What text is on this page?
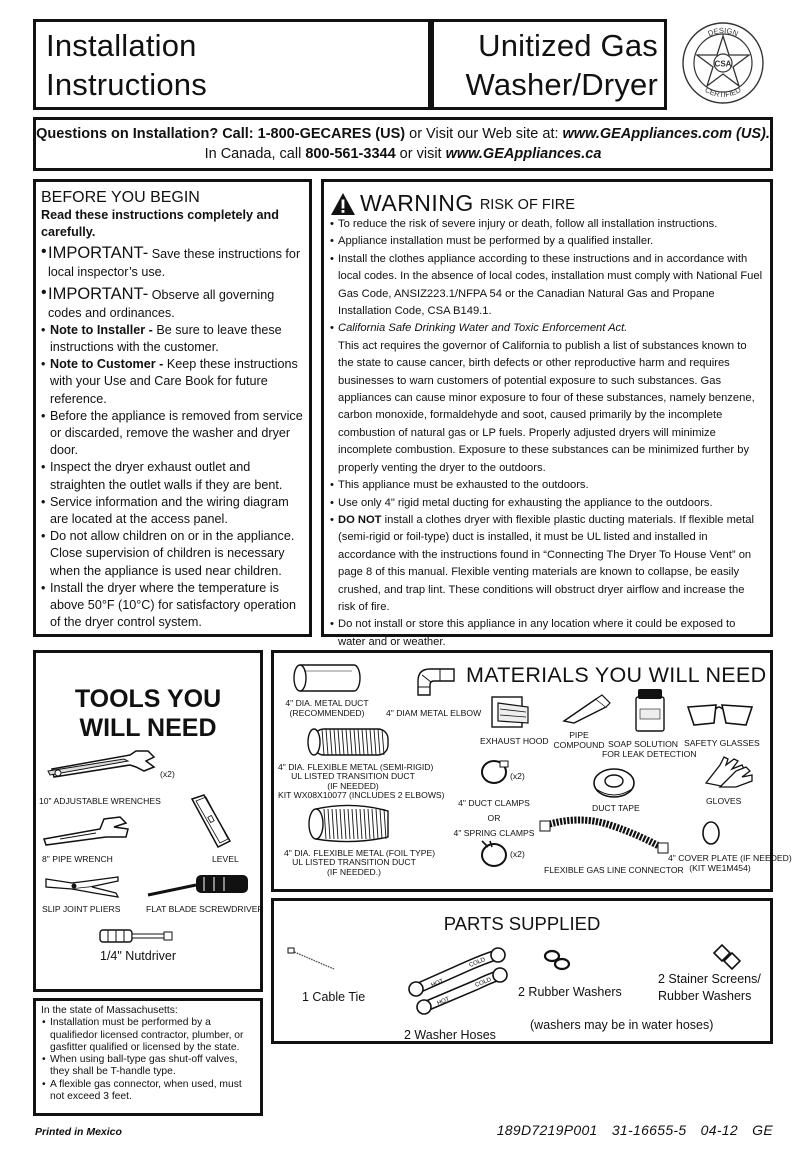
Installation
Instructions
Unitized Gas
Washer/Dryer
DESIGN
CERTIFIED
CSA
Questions on Installation? Call: 1-800-GECARES (US) or Visit our Web site at: www.GEAppliances.com (US).
In Canada, call 800-561-3344 or visit www.GEAppliances.ca
BEFORE YOU BEGIN
Read these instructions completely and carefully.
• IMPORTANT- Save these instructions for local inspector’s use.
• IMPORTANT- Observe all governing codes and ordinances.
• Note to Installer - Be sure to leave these instructions with the customer.
• Note to Customer - Keep these instructions with your Use and Care Book for future reference.
• Before the appliance is removed from service or discarded, remove the washer and dryer door.
• Inspect the dryer exhaust outlet and straighten the outlet walls if they are bent.
• Service information and the wiring diagram are located at the access panel.
• Do not allow children on or in the appliance. Close supervision of children is necessary when the appliance is used near children.
• Install the dryer where the temperature is above 50°F (10°C) for satisfactory operation of the dryer control system.
WARNING RISK OF FIRE
• To reduce the risk of severe injury or death, follow all installation instructions.
• Appliance installation must be performed by a qualified installer.
• Install the clothes appliance according to these instructions and in accordance with local codes. In the absence of local codes, installation must comply with National Fuel Gas Code, ANSIZ223.1/NFPA 54 or the Canadian Natural Gas and Propane Installation Code, CSA B149.1.
• California Safe Drinking Water and Toxic Enforcement Act.
This act requires the governor of California to publish a list of substances known to the state to cause cancer, birth defects or other reproductive harm and requires businesses to warn customers of potential exposure to such substances. Gas appliances can cause minor exposure to four of these substances, namely benzene, carbon monoxide, formaldehyde and soot, caused primarily by the incomplete combustion of natural gas or LP fuels. Properly adjusted dryers will minimize incomplete combustion. Exposure to these substances can be minimized further by properly venting the dryer to the outdoors.
• This appliance must be exhausted to the outdoors.
• Use only 4" rigid metal ducting for exhausting the appliance to the outdoors.
• DO NOT install a clothes dryer with flexible plastic ducting materials. If flexible metal (semi-rigid or foil-type) duct is installed, it must be UL listed and installed in accordance with the instructions found in “Connecting The Dryer To House Vent” on page 8 of this manual. Flexible venting materials are known to collapse, be easily crushed, and trap lint. These conditions will obstruct dryer airflow and increase the risk of fire.
• Do not install or store this appliance in any location where it could be exposed to water and or weather.
•
TOOLS YOU
WILL NEED
(x2)
10" ADJUSTABLE WRENCHES
8" PIPE WRENCH	LEVEL
SLIP JOINT PLIERS	FLAT BLADE SCREWDRIVER
1/4" Nutdriver
MATERIALS YOU WILL NEED
4" DIA. METAL DUCT
(RECOMMENDED)	4" DIAM METAL ELBOW
EXHAUST HOOD
PIPE
COMPOUND SOAP SOLUTION
FOR LEAK DETECTION
SAFETY GLASSES
4" DIA. FLEXIBLE METAL (SEMI-RIGID)
UL LISTED TRANSITION DUCT
(IF NEEDED)
KIT WX08X10077 (INCLUDES 2 ELBOWS)
(x2)
4" DUCT CLAMPS
OR
4" SPRING CLAMPS
(x2)
DUCT TAPE
GLOVES
4" DIA. FLEXIBLE METAL (FOIL TYPE)
UL LISTED TRANSITION DUCT
(IF NEEDED.)	FLEXIBLE GAS LINE CONNECTOR
4" COVER PLATE (IF NEEDED)
(KIT WE1M454)
PARTS SUPPLIED
1 Cable Tie
COLD
HOT	COLD
HOT
2 Washer Hoses
2 Rubber Washers
2 Stainer Screens/
Rubber Washers
(washers may be in water hoses)
In the state of Massachusetts:
• Installation must be performed by a qualifiedor licensed contractor, plumber, or gasfitter qualified or licensed by the state.
• When using ball-type gas shut-off valves, they shall be T-handle type.
• A flexible gas connector, when used, must not exceed 3 feet.
Printed in Mexico	189D7219P001 31-16655-5 04-12 GE
